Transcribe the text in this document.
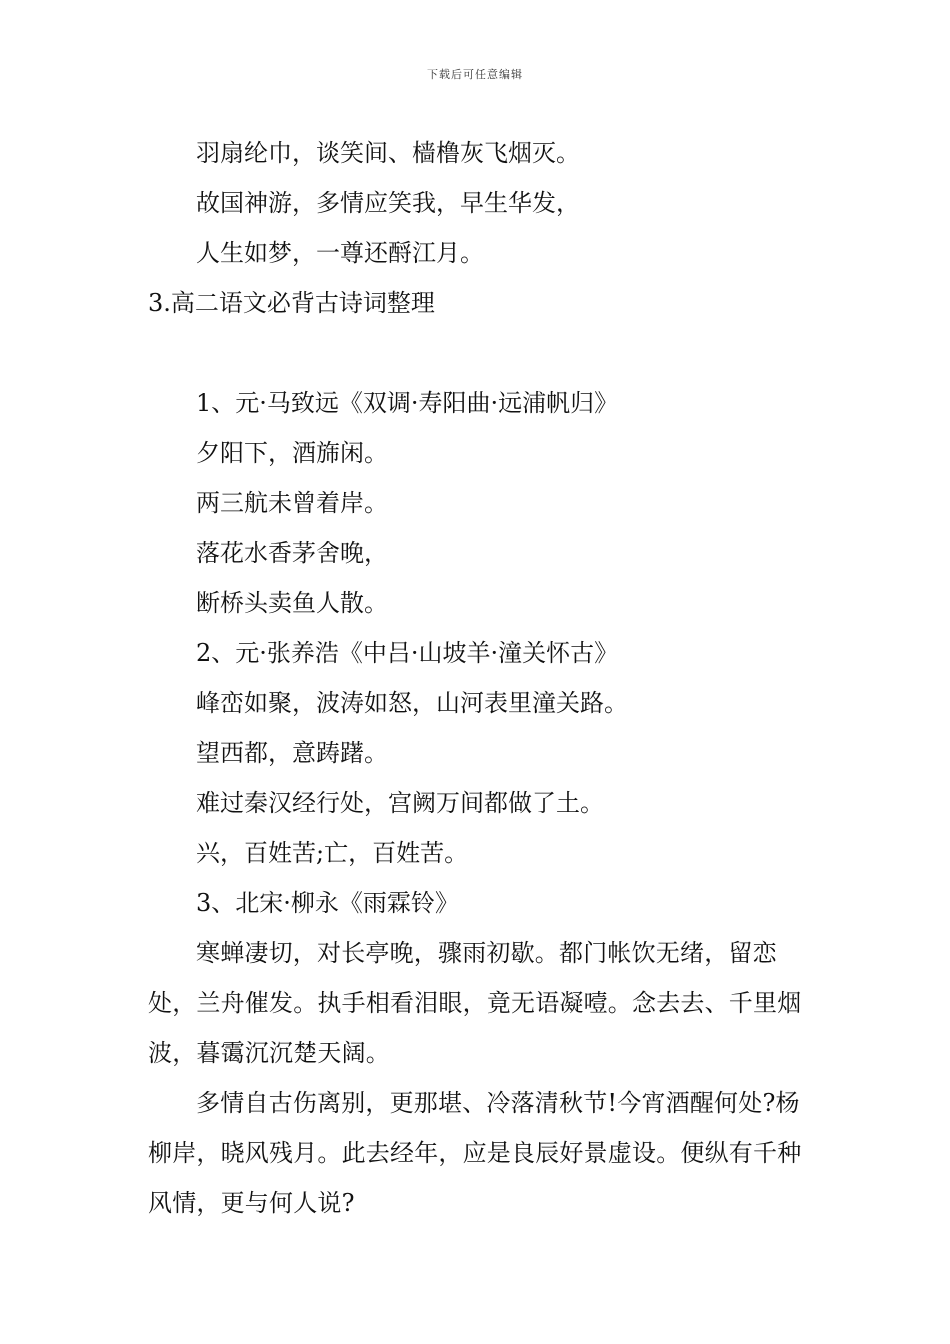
下载后可任意编辑
羽扇纶巾，谈笑间、樯橹灰飞烟灭。
故国神游，多情应笑我，早生华发，
人生如梦，一尊还酹江月。
3.高二语文必背古诗词整理
1、元·马致远《双调·寿阳曲·远浦帆归》
夕阳下，酒旆闲。
两三航未曾着岸。
落花水香茅舍晚，
断桥头卖鱼人散。
2、元·张养浩《中吕·山坡羊·潼关怀古》
峰峦如聚，波涛如怒，山河表里潼关路。
望西都，意踌躇。
难过秦汉经行处，宫阙万间都做了土。
兴，百姓苦;亡，百姓苦。
3、北宋·柳永《雨霖铃》

寒蝉凄切，对长亭晚，骤雨初歇。都门帐饮无绪，留恋处，兰舟催发。执手相看泪眼，竟无语凝噎。念去去、千里烟波，暮霭沉沉楚天阔。

多情自古伤离别，更那堪、冷落清秋节!今宵酒醒何处?杨柳岸，晓风残月。此去经年，应是良辰好景虚设。便纵有千种风情，更与何人说?
